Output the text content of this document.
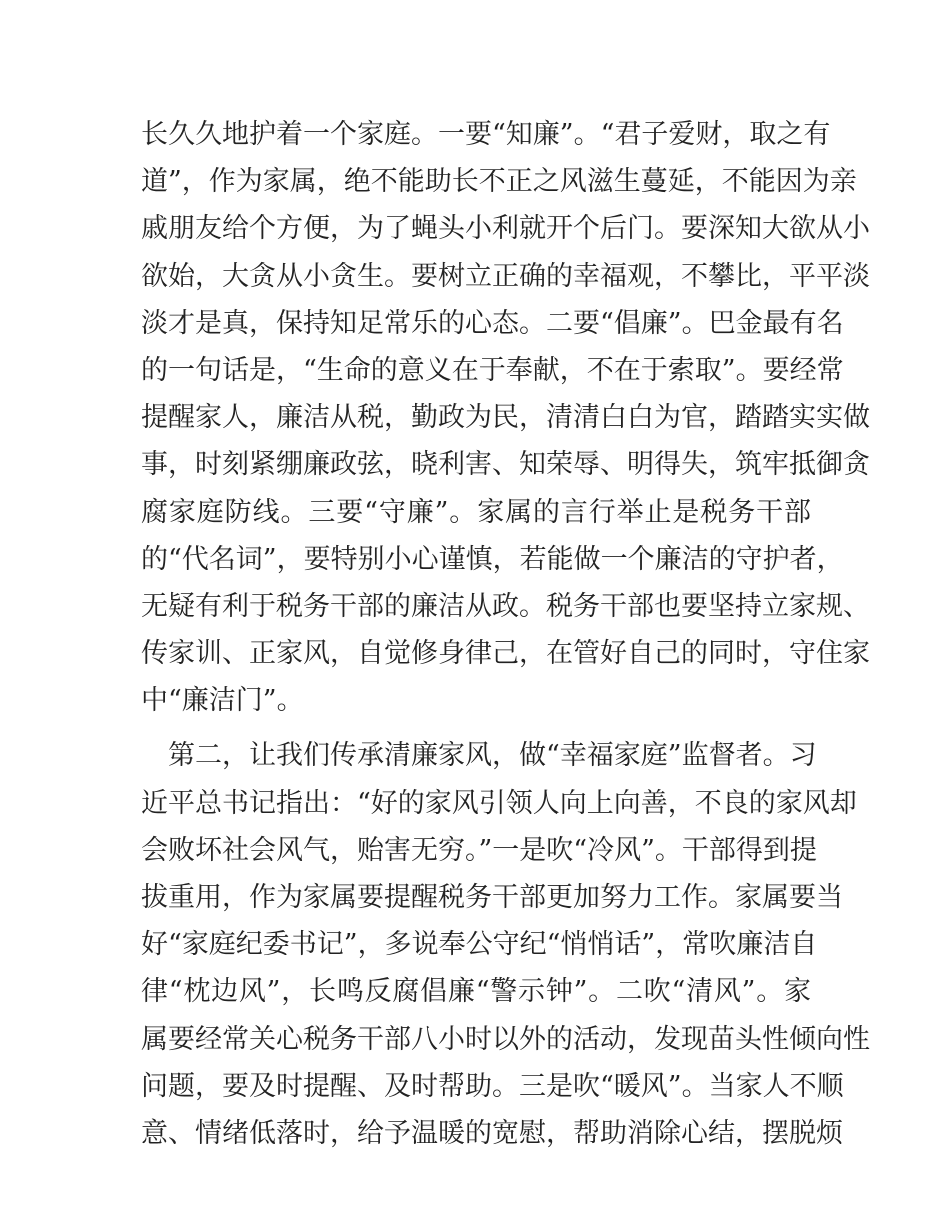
长久久地护着一个家庭。一要“知廉”。“君子爱财，取之有
道”，作为家属，绝不能助长不正之风滋生蔓延，不能因为亲
戚朋友给个方便，为了蝇头小利就开个后门。要深知大欲从小
欲始，大贪从小贪生。要树立正确的幸福观，不攀比，平平淡
淡才是真，保持知足常乐的心态。二要“倡廉”。巴金最有名
的一句话是，“生命的意义在于奉献，不在于索取”。要经常
提醒家人，廉洁从税，勤政为民，清清白白为官，踏踏实实做
事，时刻紧绷廉政弦，晓利害、知荣辱、明得失，筑牢抵御贪
腐家庭防线。三要“守廉”。家属的言行举止是税务干部
的“代名词”，要特别小心谨慎，若能做一个廉洁的守护者，
无疑有利于税务干部的廉洁从政。税务干部也要坚持立家规、
传家训、正家风，自觉修身律己，在管好自己的同时，守住家
中“廉洁门”。
　第二，让我们传承清廉家风，做“幸福家庭”监督者。习
近平总书记指出：“好的家风引领人向上向善，不良的家风却
会败坏社会风气，贻害无穷。”一是吹“冷风”。干部得到提
拔重用，作为家属要提醒税务干部更加努力工作。家属要当
好“家庭纪委书记”，多说奉公守纪“悄悄话”，常吹廉洁自
律“枕边风”，长鸣反腐倡廉“警示钟”。二吹“清风”。家
属要经常关心税务干部八小时以外的活动，发现苗头性倾向性
问题，要及时提醒、及时帮助。三是吹“暖风”。当家人不顺
意、情绪低落时，给予温暖的宽慰，帮助消除心结，摆脱烦
